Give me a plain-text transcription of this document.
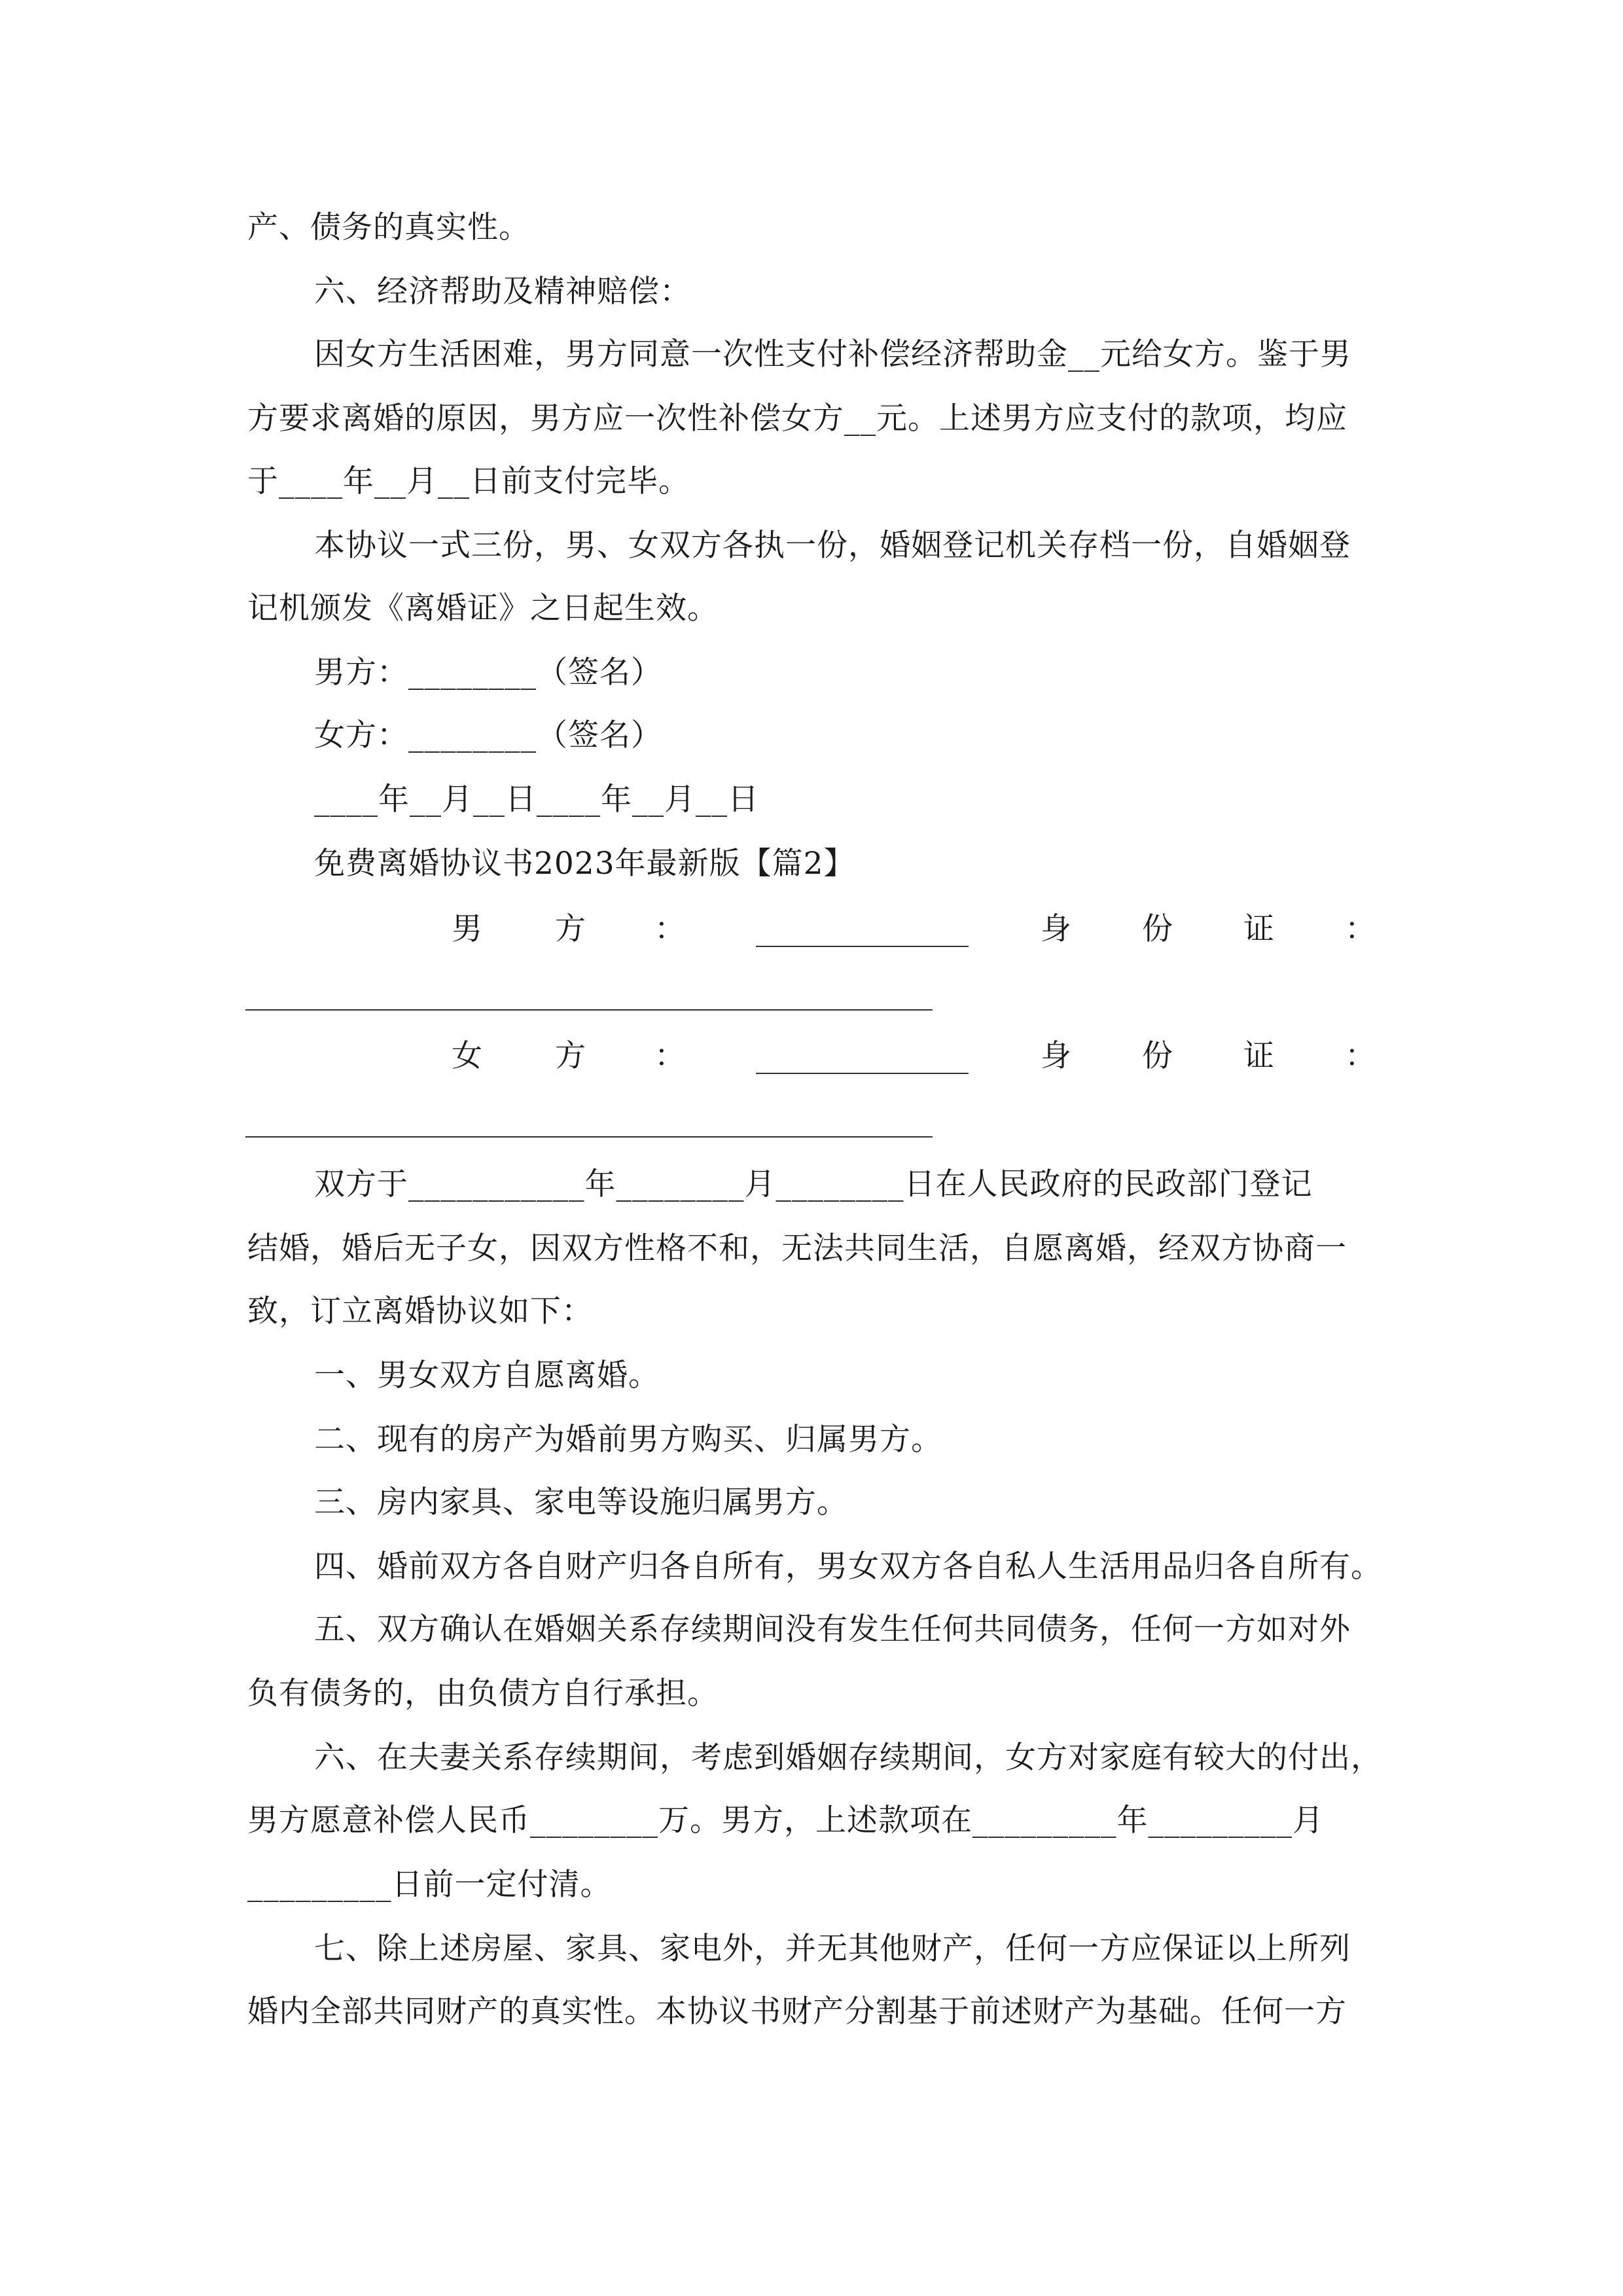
产、债务的真实性。
六、经济帮助及精神赔偿：
因女方生活困难，男方同意一次性支付补偿经济帮助金__元给女方。鉴于男
方要求离婚的原因，男方应一次性补偿女方__元。上述男方应支付的款项，均应
于____年__月__日前支付完毕。
本协议一式三份，男、女双方各执一份，婚姻登记机关存档一份，自婚姻登
记机颁发《离婚证》之日起生效。
男方：________（签名）
女方：________（签名）
____年__月__日____年__月__日
免费离婚协议书2023年最新版【篇2】
男 方 ：	身 份 证 ：
女 方 ：	身 份 证 ：
双方于___________年________月________日在人民政府的民政部门登记
结婚，婚后无子女，因双方性格不和，无法共同生活，自愿离婚，经双方协商一
致，订立离婚协议如下：
一、男女双方自愿离婚。
二、现有的房产为婚前男方购买、归属男方。
三、房内家具、家电等设施归属男方。
四、婚前双方各自财产归各自所有，男女双方各自私人生活用品归各自所有。
五、双方确认在婚姻关系存续期间没有发生任何共同债务，任何一方如对外
负有债务的，由负债方自行承担。
六、在夫妻关系存续期间，考虑到婚姻存续期间，女方对家庭有较大的付出，
男方愿意补偿人民币________万。男方，上述款项在_________年_________月
_________日前一定付清。
七、除上述房屋、家具、家电外，并无其他财产，任何一方应保证以上所列
婚内全部共同财产的真实性。本协议书财产分割基于前述财产为基础。任何一方
